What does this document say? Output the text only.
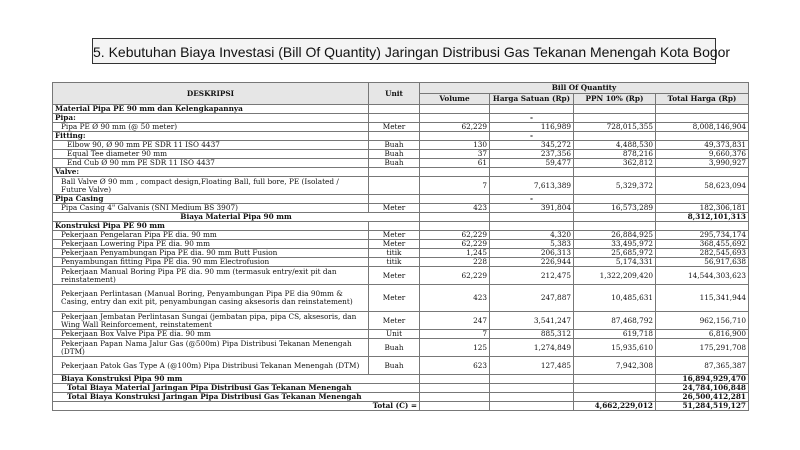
5. Kebutuhan Biaya Investasi (Bill Of Quantity) Jaringan Distribusi Gas Tekanan Menengah Kota Bogor
DESKRIPSI	Unit	Bill Of Quantity			
		Volume	Harga Satuan (Rp)	PPN 10% (Rp)	Total Harga (Rp)
Material Pipa PE 90 mm dan Kelengkapannya					
Pipa:			-		
Pipa PE Ø 90 mm (@ 50 meter)	Meter	62,229	116,989	728,015,355	8,008,146,904
Fitting:			-		
Elbow 90, Ø 90 mm PE SDR 11 ISO 4437	Buah	130	345,272	4,488,530	49,373,831
Equal Tee diameter 90 mm	Buah	37	237,356	878,216	9,660,376
End Cub Ø 90 mm PE SDR 11 ISO 4437	Buah	61	59,477	362,812	3,990,927
Valve:					
Ball Valve Ø 90 mm , compact design,Floating Ball, full bore, PE (Isolated / Future Valve)		7	7,613,389	5,329,372	58,623,094
Pipa Casing			-		
Pipa Casing 4" Galvanis (SNI Medium BS 3907)	Meter	423	391,804	16,573,289	182,306,181
Biaya Material Pipa 90 mm					8,312,101,313
Konstruksi Pipa PE 90 mm					
Pekerjaan Pengelaran Pipa PE dia. 90 mm	Meter	62,229	4,320	26,884,925	295,734,174
Pekerjaan Lowering Pipa PE dia. 90 mm	Meter	62,229	5,383	33,495,972	368,455,692
Pekerjaan Penyambungan Pipa PE dia. 90 mm Butt Fusion	titik	1,245	206,313	25,685,972	282,545,693
Penyambungan fitting Pipa PE dia. 90 mm Electrofusion	titik	228	226,944	5,174,331	56,917,638
Pekerjaan Manual Boring Pipa PE dia. 90 mm (termasuk entry/exit pit dan reinstatement)	Meter	62,229	212,475	1,322,209,420	14,544,303,623
Pekerjaan Perlintasan (Manual Boring, Penyambungan Pipa PE dia 90mm & Casing, entry dan exit pit, penyambungan casing aksesoris dan reinstatement)	Meter	423	247,887	10,485,631	115,341,944
Pekerjaan Jembatan Perlintasan Sungai (jembatan pipa, pipa CS, aksesoris, dan Wing Wall Reinforcement, reinstatement	Meter	247	3,541,247	87,468,792	962,156,710
Pekerjaan Box Valve Pipa PE dia. 90 mm	Unit	7	885,312	619,718	6,816,900
Pekerjaan Papan Nama Jalur Gas (@500m) Pipa Distribusi Tekanan Menengah (DTM)	Buah	125	1,274,849	15,935,610	175,291,708
Pekerjaan Patok Gas Type A (@100m) Pipa Distribusi Tekanan Menengah (DTM)	Buah	623	127,485	7,942,308	87,365,387
Biaya Konstruksi Pipa 90 mm					16,894,929,470
Total Biaya Material Jaringan Pipa Distribusi Gas Tekanan Menengah					24,784,106,848
Total Biaya Konstruksi Jaringan Pipa Distribusi Gas Tekanan Menengah					26,500,412,281
Total (C) =				4,662,229,012	51,284,519,127
